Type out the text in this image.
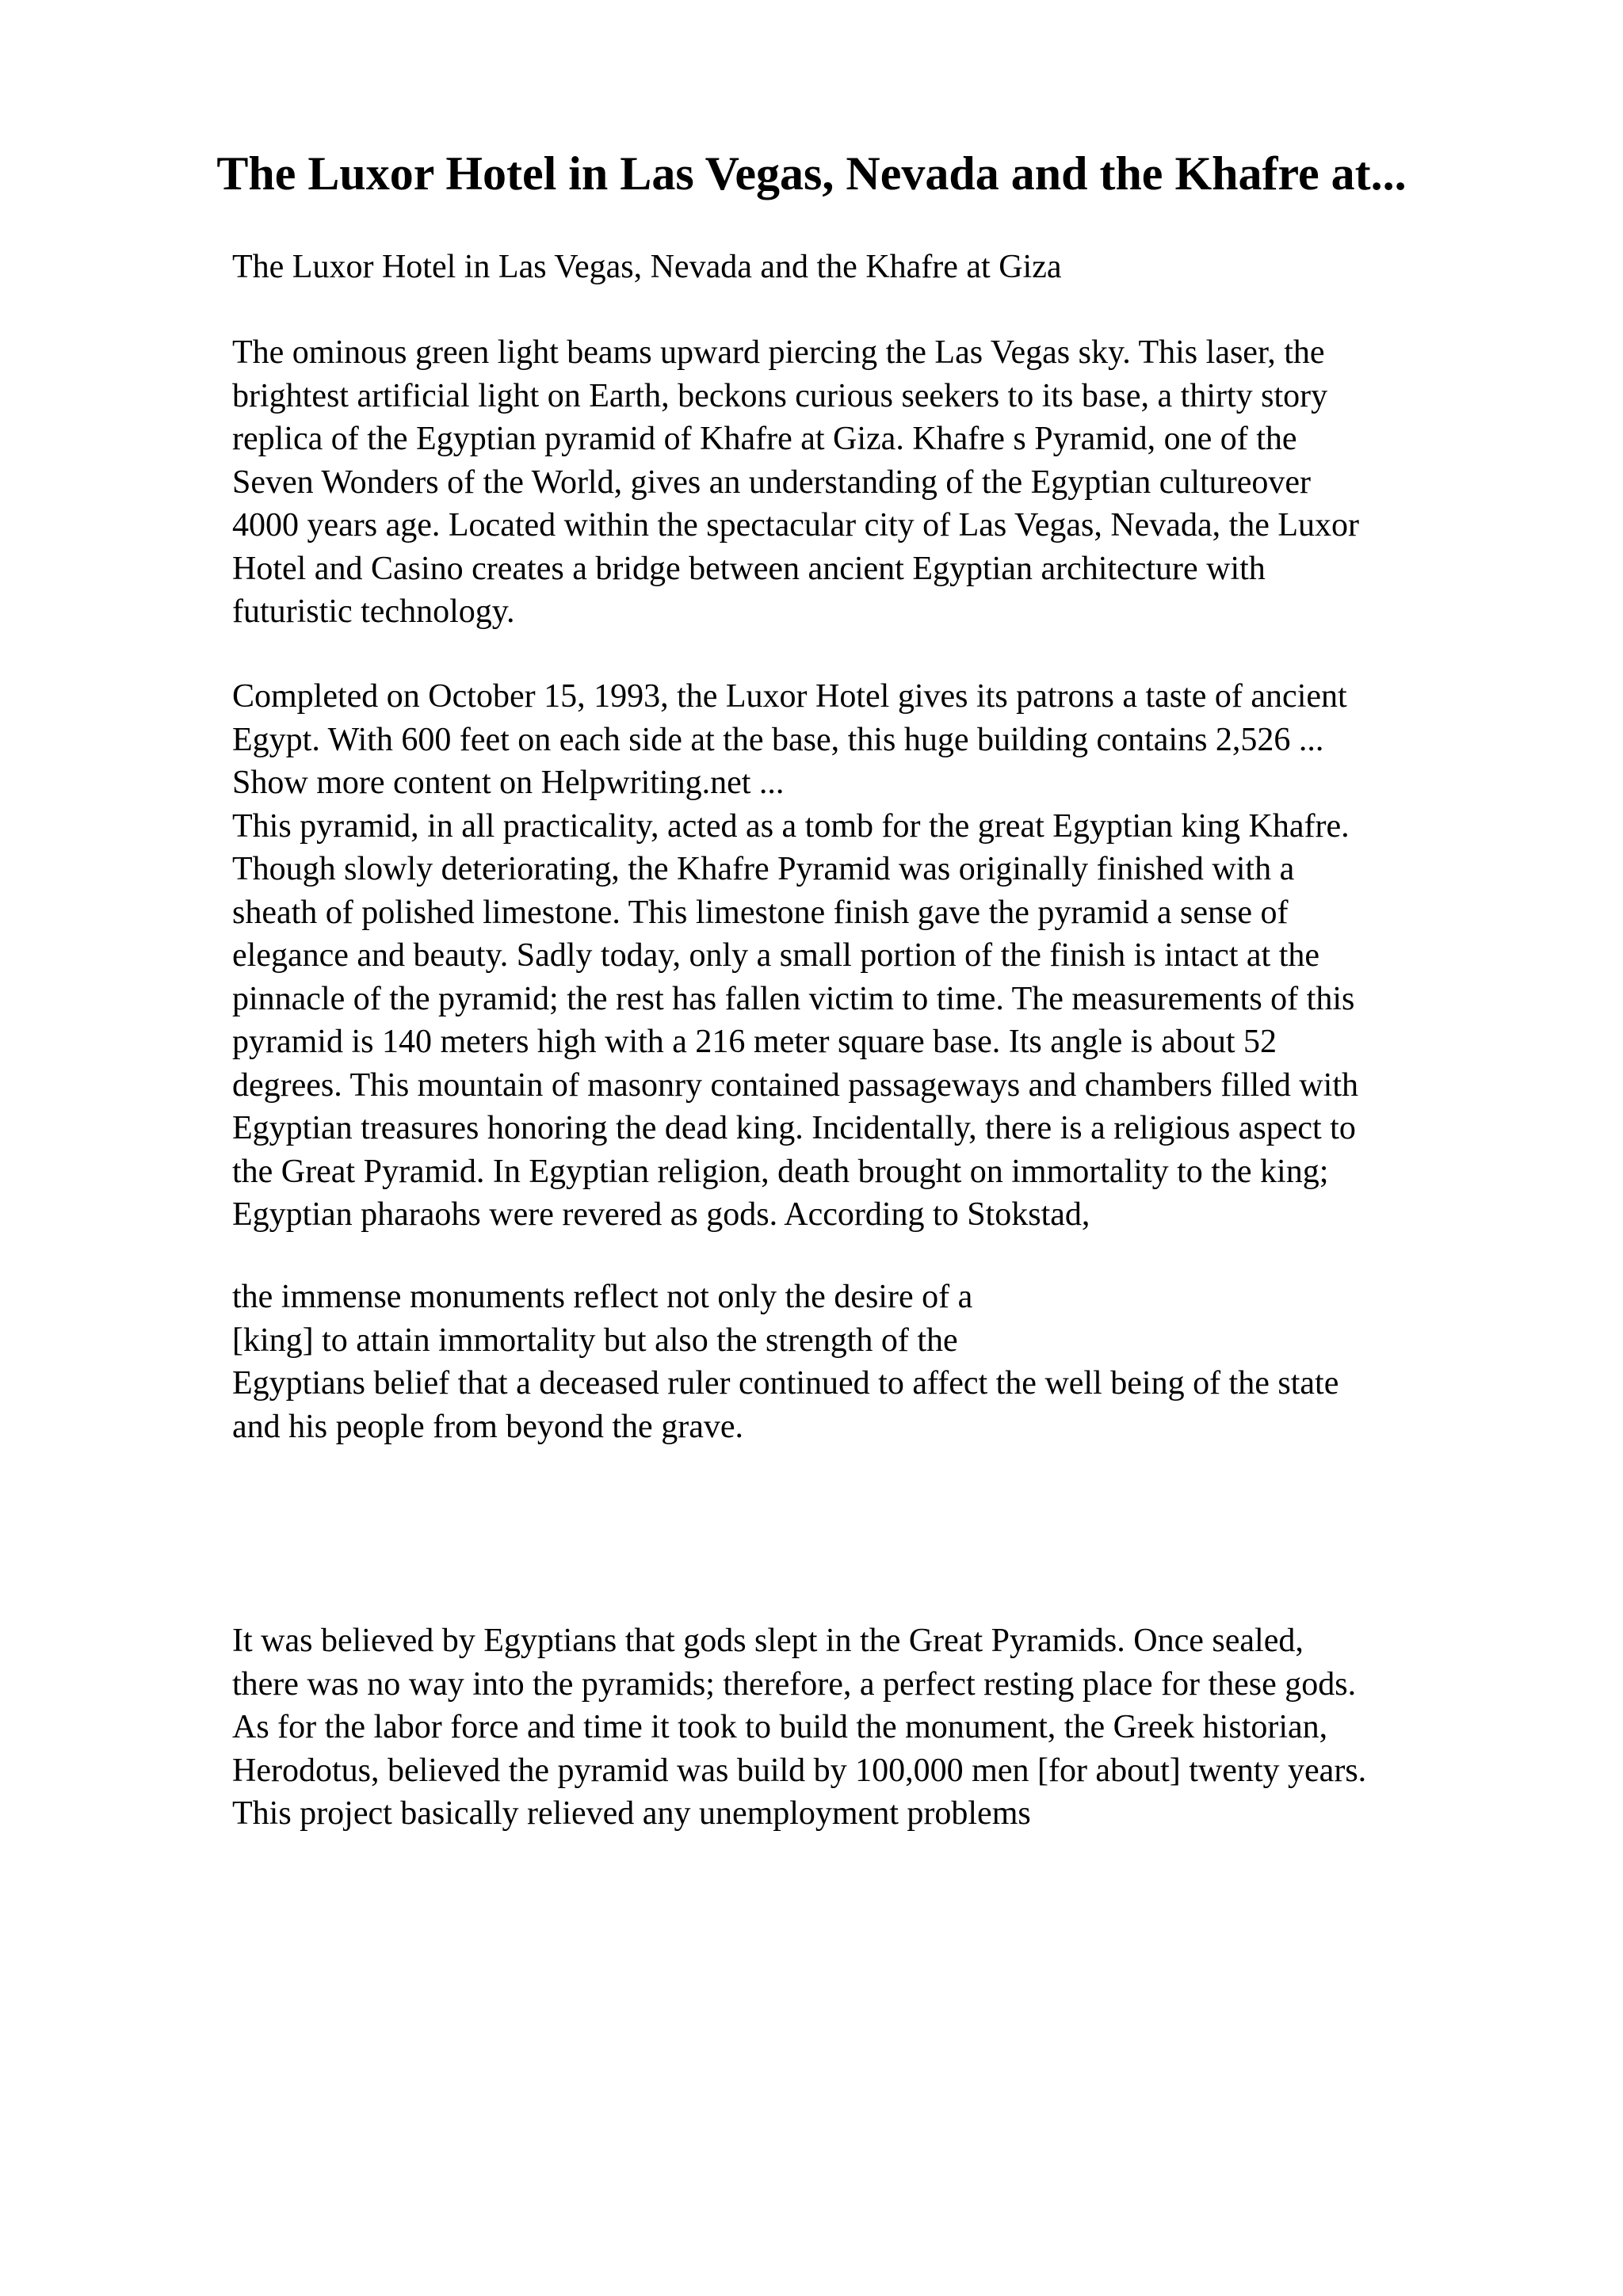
The Luxor Hotel in Las Vegas, Nevada and the Khafre at...
The Luxor Hotel in Las Vegas, Nevada and the Khafre at Giza
The ominous green light beams upward piercing the Las Vegas sky. This laser, the
brightest artificial light on Earth, beckons curious seekers to its base, a thirty story
replica of the Egyptian pyramid of Khafre at Giza. Khafre s Pyramid, one of the
Seven Wonders of the World, gives an understanding of the Egyptian cultureover
4000 years age. Located within the spectacular city of Las Vegas, Nevada, the Luxor
Hotel and Casino creates a bridge between ancient Egyptian architecture with
futuristic technology.
Completed on October 15, 1993, the Luxor Hotel gives its patrons a taste of ancient
Egypt. With 600 feet on each side at the base, this huge building contains 2,526 ...
Show more content on Helpwriting.net ...
This pyramid, in all practicality, acted as a tomb for the great Egyptian king Khafre.
Though slowly deteriorating, the Khafre Pyramid was originally finished with a
sheath of polished limestone. This limestone finish gave the pyramid a sense of
elegance and beauty. Sadly today, only a small portion of the finish is intact at the
pinnacle of the pyramid; the rest has fallen victim to time. The measurements of this
pyramid is 140 meters high with a 216 meter square base. Its angle is about 52
degrees. This mountain of masonry contained passageways and chambers filled with
Egyptian treasures honoring the dead king. Incidentally, there is a religious aspect to
the Great Pyramid. In Egyptian religion, death brought on immortality to the king;
Egyptian pharaohs were revered as gods. According to Stokstad,
the immense monuments reflect not only the desire of a
[king] to attain immortality but also the strength of the
Egyptians belief that a deceased ruler continued to affect the well being of the state
and his people from beyond the grave.
It was believed by Egyptians that gods slept in the Great Pyramids. Once sealed,
there was no way into the pyramids; therefore, a perfect resting place for these gods.
As for the labor force and time it took to build the monument, the Greek historian,
Herodotus, believed the pyramid was build by 100,000 men [for about] twenty years.
This project basically relieved any unemployment problems
